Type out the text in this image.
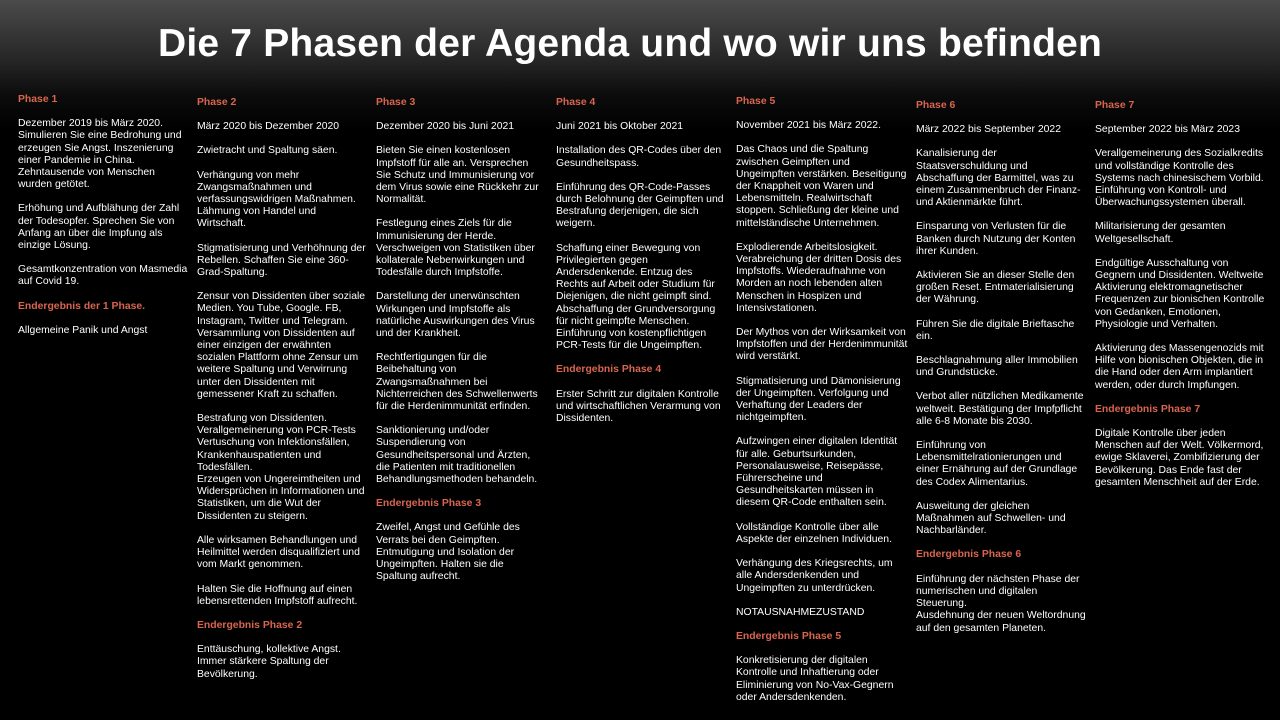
Die 7 Phasen der Agenda und wo wir uns befinden

Phase 1

Dezember 2019 bis März 2020.

Simulieren Sie eine Bedrohung und erzeugen Sie Angst. Inszenierung einer Pandemie in China. Zehntausende von Menschen wurden getötet.

Erhöhung und Aufblähung der Zahl der Todesopfer. Sprechen Sie von Anfang an über die Impfung als einzige Lösung.

Gesamtkonzentration von Masmedia auf Covid 19.

Endergebnis der 1 Phase.

Allgemeine Panik und Angst

Phase 2

März 2020 bis Dezember 2020

Zwietracht und Spaltung säen.

Verhängung von mehr Zwangsmaßnahmen und verfassungswidrigen Maßnahmen. Lähmung von Handel und Wirtschaft.

Stigmatisierung und Verhöhnung der Rebellen. Schaffen Sie eine 360-Grad-Spaltung.

Zensur von Dissidenten über soziale Medien. You Tube, Google. FB, Instagram, Twitter und Telegram. Versammlung von Dissidenten auf einer einzigen der erwähnten sozialen Plattform ohne Zensur um weitere Spaltung und Verwirrung unter den Dissidenten mit gemessener Kraft zu schaffen.

Bestrafung von Dissidenten. Verallgemeinerung von PCR-Tests Vertuschung von Infektionsfällen, Krankenhauspatienten und Todesfällen.
Erzeugen von Ungereimtheiten und Widersprüchen in Informationen und Statistiken, um die Wut der Dissidenten zu steigern.

Alle wirksamen Behandlungen und Heilmittel werden disqualifiziert und vom Markt genommen.

Halten Sie die Hoffnung auf einen lebensrettenden Impfstoff aufrecht.

Endergebnis Phase 2

Enttäuschung, kollektive Angst. Immer stärkere Spaltung der Bevölkerung.

Phase 3

Dezember 2020 bis Juni 2021

Bieten Sie einen kostenlosen Impfstoff für alle an. Versprechen Sie Schutz und Immunisierung vor dem Virus sowie eine Rückkehr zur Normalität.

Festlegung eines Ziels für die Immunisierung der Herde. Verschweigen von Statistiken über kollaterale Nebenwirkungen und Todesfälle durch Impfstoffe.

Darstellung der unerwünschten Wirkungen und Impfstoffe als natürliche Auswirkungen des Virus und der Krankheit.

Rechtfertigungen für die Beibehaltung von Zwangsmaßnahmen bei Nichterreichen des Schwellenwerts für die Herdenimmunität erfinden.

Sanktionierung und/oder Suspendierung von Gesundheitspersonal und Ärzten, die Patienten mit traditionellen Behandlungsmethoden behandeln.

Endergebnis Phase 3

Zweifel, Angst und Gefühle des Verrats bei den Geimpften. Entmutigung und Isolation der Ungeimpften. Halten sie die Spaltung aufrecht.

Phase 4

Juni 2021 bis Oktober 2021

Installation des QR-Codes über den Gesundheitspass.

Einführung des QR-Code-Passes durch Belohnung der Geimpften und Bestrafung derjenigen, die sich weigern.

Schaffung einer Bewegung von Privilegierten gegen Andersdenkende. Entzug des Rechts auf Arbeit oder Studium für Diejenigen, die nicht geimpft sind. Abschaffung der Grundversorgung für nicht geimpfte Menschen. Einführung von kostenpflichtigen PCR-Tests für die Ungeimpften.

Endergebnis Phase 4

Erster Schritt zur digitalen Kontrolle und wirtschaftlichen Verarmung von Dissidenten.

Phase 5

November 2021 bis März 2022.

Das Chaos und die Spaltung zwischen Geimpften und Ungeimpften verstärken. Beseitigung der Knappheit von Waren und Lebensmitteln. Realwirtschaft stoppen. Schließung der kleine und mittelständische Unternehmen.

Explodierende Arbeitslosigkeit. Verabreichung der dritten Dosis des Impfstoffs. Wiederaufnahme von Morden an noch lebenden alten Menschen in Hospizen und Intensivstationen.

Der Mythos von der Wirksamkeit von Impfstoffen und der Herdenimmunität wird verstärkt.

Stigmatisierung und Dämonisierung der Ungeimpften. Verfolgung und Verhaftung der Leaders der nichtgeimpften.

Aufzwingen einer digitalen Identität für alle. Geburtsurkunden, Personalausweise, Reisepässe, Führerscheine und Gesundheitskarten müssen in diesem QR-Code enthalten sein.

Vollständige Kontrolle über alle Aspekte der einzelnen Individuen.

Verhängung des Kriegsrechts, um alle Andersdenkenden und Ungeimpften zu unterdrücken.

NOTAUSNAHMEZUSTAND

Endergebnis Phase 5

Konkretisierung der digitalen Kontrolle und Inhaftierung oder Eliminierung von No-Vax-Gegnern oder Andersdenkenden.

Phase 6

März 2022 bis September 2022

Kanalisierung der Staatsverschuldung und Abschaffung der Barmittel, was zu einem Zusammenbruch der Finanz- und Aktienmärkte führt.

Einsparung von Verlusten für die Banken durch Nutzung der Konten ihrer Kunden.

Aktivieren Sie an dieser Stelle den großen Reset. Entmaterialisierung der Währung.

Führen Sie die digitale Brieftasche ein.

Beschlagnahmung aller Immobilien und Grundstücke.

Verbot aller nützlichen Medikamente weltweit. Bestätigung der Impfpflicht alle 6-8 Monate bis 2030.

Einführung von Lebensmittelrationierungen und einer Ernährung auf der Grundlage des Codex Alimentarius.

Ausweitung der gleichen Maßnahmen auf Schwellen- und Nachbarländer.

Endergebnis Phase 6

Einführung der nächsten Phase der numerischen und digitalen Steuerung.
Ausdehnung der neuen Weltordnung auf den gesamten Planeten.

Phase 7

September 2022 bis März 2023

Verallgemeinerung des Sozialkredits und vollständige Kontrolle des Systems nach chinesischem Vorbild. Einführung von Kontroll- und Überwachungssystemen überall.

Militarisierung der gesamten Weltgesellschaft.

Endgültige Ausschaltung von Gegnern und Dissidenten. Weltweite Aktivierung elektromagnetischer Frequenzen zur bionischen Kontrolle von Gedanken, Emotionen, Physiologie und Verhalten.

Aktivierung des Massengenozids mit Hilfe von bionischen Objekten, die in die Hand oder den Arm implantiert werden, oder durch Impfungen.

Endergebnis Phase 7

Digitale Kontrolle über jeden Menschen auf der Welt. Völkermord, ewige Sklaverei, Zombifizierung der Bevölkerung. Das Ende fast der gesamten Menschheit auf der Erde.
